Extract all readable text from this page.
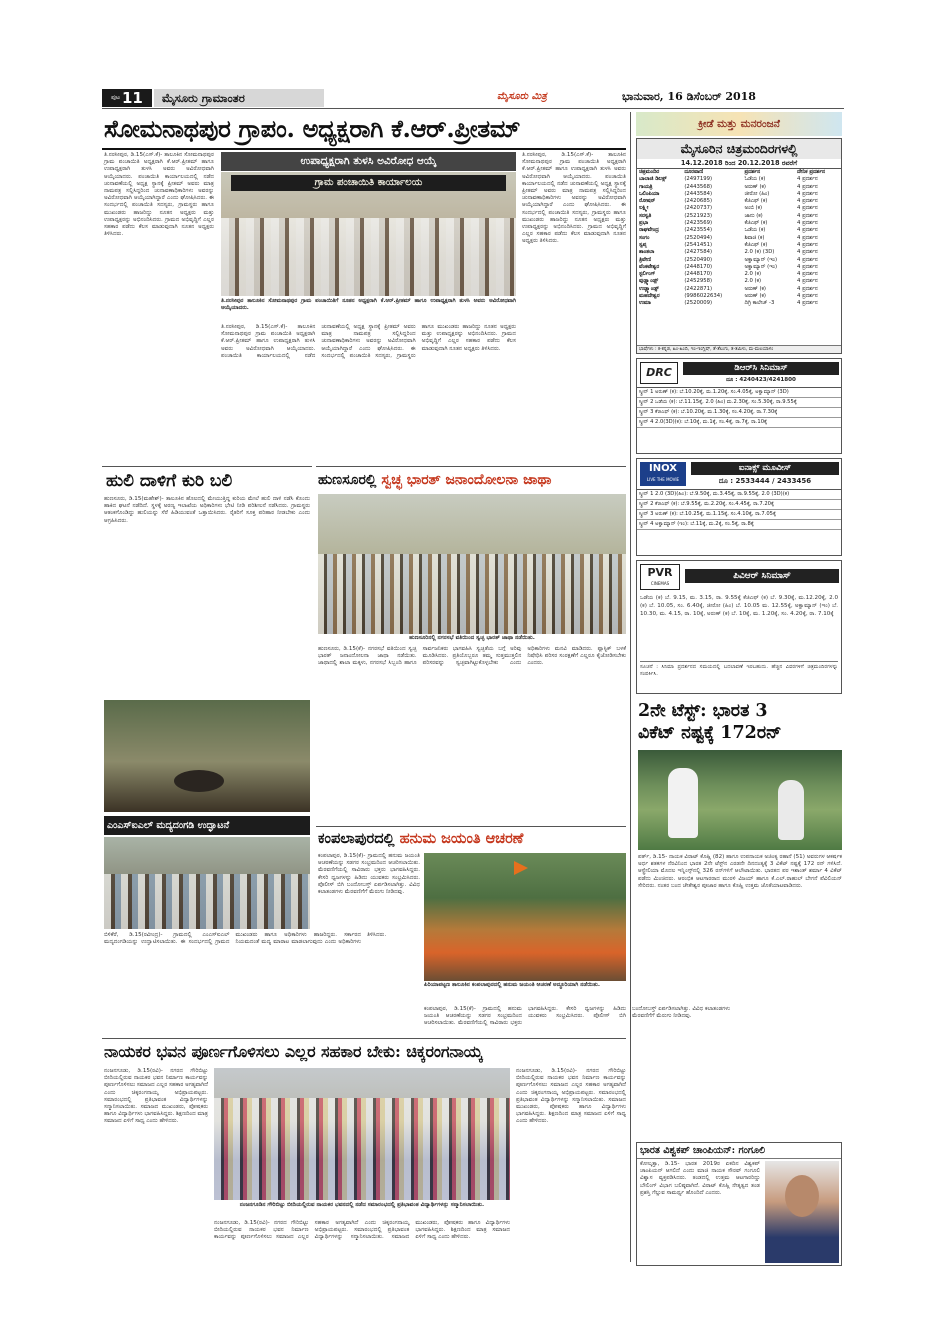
ಪುಟ 11	ಮೈಸೂರು ಗ್ರಾಮಾಂತರ	ಮೈಸೂರು ಮಿತ್ರ	ಭಾನುವಾರ, 16 ಡಿಸೆಂಬರ್ 2018
ಸೋಮನಾಥಪುರ ಗ್ರಾಪಂ. ಅಧ್ಯಕ್ಷರಾಗಿ ಕೆ.ಆರ್.ಪ್ರೀತಮ್
ತಿ.ನರಸೀಪುರ, ಡಿ.15(ಎಸ್.ಕೆ)- ತಾಲೂಕಿನ ಸೋಮನಾಥಪುರ ಗ್ರಾಮ ಪಂಚಾಯಿತಿ ಅಧ್ಯಕ್ಷರಾಗಿ ಕೆ.ಆರ್.ಪ್ರೀತಮ್ ಹಾಗೂ ಉಪಾಧ್ಯಕ್ಷರಾಗಿ ತುಳಸಿ ಅವರು ಅವಿರೋಧವಾಗಿ ಆಯ್ಕೆಯಾದರು. ಪಂಚಾಯಿತಿ ಕಾರ್ಯಾಲಯದಲ್ಲಿ ನಡೆದ ಚುನಾವಣೆಯಲ್ಲಿ ಅಧ್ಯಕ್ಷ ಸ್ಥಾನಕ್ಕೆ ಪ್ರೀತಮ್ ಅವರು ಮಾತ್ರ ನಾಮಪತ್ರ ಸಲ್ಲಿಸಿದ್ದರಿಂದ ಚುನಾವಣಾಧಿಕಾರಿಗಳು ಅವರನ್ನು ಅವಿರೋಧವಾಗಿ ಆಯ್ಕೆಯಾಗಿದ್ದಾರೆ ಎಂದು ಘೋಷಿಸಿದರು. ಈ ಸಂದರ್ಭದಲ್ಲಿ ಪಂಚಾಯಿತಿ ಸದಸ್ಯರು, ಗ್ರಾಮಸ್ಥರು ಹಾಗೂ ಮುಖಂಡರು ಹಾಜರಿದ್ದು ನೂತನ ಅಧ್ಯಕ್ಷರು ಮತ್ತು ಉಪಾಧ್ಯಕ್ಷರನ್ನು ಅಭಿನಂದಿಸಿದರು. ಗ್ರಾಮದ ಅಭಿವೃದ್ಧಿಗೆ ಎಲ್ಲರ ಸಹಕಾರ ಪಡೆದು ಕೆಲಸ ಮಾಡುವುದಾಗಿ ನೂತನ ಅಧ್ಯಕ್ಷರು ತಿಳಿಸಿದರು.
ಉಪಾಧ್ಯಕ್ಷರಾಗಿ ತುಳಸಿ ಅವಿರೋಧ ಆಯ್ಕೆ
ಗ್ರಾಮ ಪಂಚಾಯಿತಿ ಕಾರ್ಯಾಲಯ
ತಿ.ನರಸೀಪುರ ತಾಲೂಕಿನ ಸೋಮನಾಥಪುರ ಗ್ರಾಮ ಪಂಚಾಯಿತಿಗೆ ನೂತನ ಅಧ್ಯಕ್ಷರಾಗಿ ಕೆ.ಆರ್.ಪ್ರೀತಮ್ ಹಾಗೂ ಉಪಾಧ್ಯಕ್ಷರಾಗಿ ತುಳಸಿ ಅವರು ಅವಿರೋಧವಾಗಿ ಆಯ್ಕೆಯಾದರು.
ತಿ.ನರಸೀಪುರ, ಡಿ.15(ಎಸ್.ಕೆ)- ತಾಲೂಕಿನ ಸೋಮನಾಥಪುರ ಗ್ರಾಮ ಪಂಚಾಯಿತಿ ಅಧ್ಯಕ್ಷರಾಗಿ ಕೆ.ಆರ್.ಪ್ರೀತಮ್ ಹಾಗೂ ಉಪಾಧ್ಯಕ್ಷರಾಗಿ ತುಳಸಿ ಅವರು ಅವಿರೋಧವಾಗಿ ಆಯ್ಕೆಯಾದರು. ಪಂಚಾಯಿತಿ ಕಾರ್ಯಾಲಯದಲ್ಲಿ ನಡೆದ ಚುನಾವಣೆಯಲ್ಲಿ ಅಧ್ಯಕ್ಷ ಸ್ಥಾನಕ್ಕೆ ಪ್ರೀತಮ್ ಅವರು ಮಾತ್ರ ನಾಮಪತ್ರ ಸಲ್ಲಿಸಿದ್ದರಿಂದ ಚುನಾವಣಾಧಿಕಾರಿಗಳು ಅವರನ್ನು ಅವಿರೋಧವಾಗಿ ಆಯ್ಕೆಯಾಗಿದ್ದಾರೆ ಎಂದು ಘೋಷಿಸಿದರು. ಈ ಸಂದರ್ಭದಲ್ಲಿ ಪಂಚಾಯಿತಿ ಸದಸ್ಯರು, ಗ್ರಾಮಸ್ಥರು ಹಾಗೂ ಮುಖಂಡರು ಹಾಜರಿದ್ದು ನೂತನ ಅಧ್ಯಕ್ಷರು ಮತ್ತು ಉಪಾಧ್ಯಕ್ಷರನ್ನು ಅಭಿನಂದಿಸಿದರು. ಗ್ರಾಮದ ಅಭಿವೃದ್ಧಿಗೆ ಎಲ್ಲರ ಸಹಕಾರ ಪಡೆದು ಕೆಲಸ ಮಾಡುವುದಾಗಿ ನೂತನ ಅಧ್ಯಕ್ಷರು ತಿಳಿಸಿದರು.
ತಿ.ನರಸೀಪುರ, ಡಿ.15(ಎಸ್.ಕೆ)- ತಾಲೂಕಿನ ಸೋಮನಾಥಪುರ ಗ್ರಾಮ ಪಂಚಾಯಿತಿ ಅಧ್ಯಕ್ಷರಾಗಿ ಕೆ.ಆರ್.ಪ್ರೀತಮ್ ಹಾಗೂ ಉಪಾಧ್ಯಕ್ಷರಾಗಿ ತುಳಸಿ ಅವರು ಅವಿರೋಧವಾಗಿ ಆಯ್ಕೆಯಾದರು. ಪಂಚಾಯಿತಿ ಕಾರ್ಯಾಲಯದಲ್ಲಿ ನಡೆದ ಚುನಾವಣೆಯಲ್ಲಿ ಅಧ್ಯಕ್ಷ ಸ್ಥಾನಕ್ಕೆ ಪ್ರೀತಮ್ ಅವರು ಮಾತ್ರ ನಾಮಪತ್ರ ಸಲ್ಲಿಸಿದ್ದರಿಂದ ಚುನಾವಣಾಧಿಕಾರಿಗಳು ಅವರನ್ನು ಅವಿರೋಧವಾಗಿ ಆಯ್ಕೆಯಾಗಿದ್ದಾರೆ ಎಂದು ಘೋಷಿಸಿದರು. ಈ ಸಂದರ್ಭದಲ್ಲಿ ಪಂಚಾಯಿತಿ ಸದಸ್ಯರು, ಗ್ರಾಮಸ್ಥರು ಹಾಗೂ ಮುಖಂಡರು ಹಾಜರಿದ್ದು ನೂತನ ಅಧ್ಯಕ್ಷರು ಮತ್ತು ಉಪಾಧ್ಯಕ್ಷರನ್ನು ಅಭಿನಂದಿಸಿದರು. ಗ್ರಾಮದ ಅಭಿವೃದ್ಧಿಗೆ ಎಲ್ಲರ ಸಹಕಾರ ಪಡೆದು ಕೆಲಸ ಮಾಡುವುದಾಗಿ ನೂತನ ಅಧ್ಯಕ್ಷರು ತಿಳಿಸಿದರು.
ಹುಲಿ ದಾಳಿಗೆ ಕುರಿ ಬಲಿ
ಹುಣಸೂರು, ಡಿ.15(ಮಹೇಶ್)- ತಾಲೂಕಿನ ಹೊಲದಲ್ಲಿ ಮೇಯುತ್ತಿದ್ದ ಕುರಿಯ ಮೇಲೆ ಹುಲಿ ದಾಳಿ ನಡೆಸಿ ಕೊಂದು ಹಾಕಿದ ಘಟನೆ ನಡೆದಿದೆ. ಸ್ಥಳಕ್ಕೆ ಅರಣ್ಯ ಇಲಾಖೆಯ ಅಧಿಕಾರಿಗಳು ಭೇಟಿ ನೀಡಿ ಪರಿಶೀಲನೆ ನಡೆಸಿದರು. ಗ್ರಾಮಸ್ಥರು ಆತಂಕಗೊಂಡಿದ್ದು ಹುಲಿಯನ್ನು ಸೆರೆ ಹಿಡಿಯುವಂತೆ ಒತ್ತಾಯಿಸಿದರು. ರೈತರಿಗೆ ಸೂಕ್ತ ಪರಿಹಾರ ನೀಡಬೇಕು ಎಂದು ಆಗ್ರಹಿಸಿದರು.
ಎಂಎಸ್ಐಎಲ್ ಮದ್ಯದಂಗಡಿ ಉದ್ಘಾಟನೆ
ಬಿಳಿಕೆರೆ, ಡಿ.15(ರವೀಂದ್ರ)- ಗ್ರಾಮದಲ್ಲಿ ಎಂಎಸ್ಐಎಲ್ ಮದ್ಯದಂಗಡಿಯನ್ನು ಉದ್ಘಾಟಿಸಲಾಯಿತು. ಈ ಸಂದರ್ಭದಲ್ಲಿ ಗ್ರಾಮದ ಮುಖಂಡರು ಹಾಗೂ ಅಧಿಕಾರಿಗಳು ಹಾಜರಿದ್ದರು. ಸರ್ಕಾರದ ನಿಯಮದಂತೆ ಮದ್ಯ ಮಾರಾಟ ಮಾಡಲಾಗುವುದು ಎಂದು ಅಧಿಕಾರಿಗಳು ತಿಳಿಸಿದರು.
ಹುಣಸೂರಲ್ಲಿ ಸ್ವಚ್ಛ ಭಾರತ್ ಜನಾಂದೋಲನಾ ಜಾಥಾ
ಹುಣಸೂರಿನಲ್ಲಿ ನಗರಸಭೆ ವತಿಯಿಂದ ಸ್ವಚ್ಛ ಭಾರತ್ ಜಾಥಾ ನಡೆಯಿತು.
ಹುಣಸೂರು, ಡಿ.15(ಕೆ)- ನಗರಸಭೆ ವತಿಯಿಂದ ಸ್ವಚ್ಛ ಭಾರತ್ ಜನಾಂದೋಲನಾ ಜಾಥಾ ನಡೆಯಿತು. ಜಾಥಾದಲ್ಲಿ ಶಾಲಾ ಮಕ್ಕಳು, ನಗರಸಭೆ ಸಿಬ್ಬಂದಿ ಹಾಗೂ ಸಾರ್ವಜನಿಕರು ಭಾಗವಹಿಸಿ ಸ್ವಚ್ಛತೆಯ ಬಗ್ಗೆ ಅರಿವು ಮೂಡಿಸಿದರು. ಪ್ರತಿಯೊಬ್ಬರೂ ತಮ್ಮ ಸುತ್ತಮುತ್ತಲಿನ ಪರಿಸರವನ್ನು ಸ್ವಚ್ಛವಾಗಿಟ್ಟುಕೊಳ್ಳಬೇಕು ಎಂದು ಅಧಿಕಾರಿಗಳು ಮನವಿ ಮಾಡಿದರು. ಪ್ಲಾಸ್ಟಿಕ್ ಬಳಕೆ ನಿಷೇಧಿಸಿ ಪರಿಸರ ಸಂರಕ್ಷಣೆಗೆ ಎಲ್ಲರೂ ಕೈಜೋಡಿಸಬೇಕು ಎಂದರು.
ಕಂಪಲಾಪುರದಲ್ಲಿ ಹನುಮ ಜಯಂತಿ ಆಚರಣೆ
ಕಂಪಲಾಪುರ, ಡಿ.15(ಕೆ)- ಗ್ರಾಮದಲ್ಲಿ ಹನುಮ ಜಯಂತಿ ಆಚರಣೆಯನ್ನು ಸಡಗರ ಸಂಭ್ರಮದಿಂದ ಆಚರಿಸಲಾಯಿತು. ಮೆರವಣಿಗೆಯಲ್ಲಿ ಸಾವಿರಾರು ಭಕ್ತರು ಭಾಗವಹಿಸಿದ್ದರು. ಕೇಸರಿ ಧ್ವಜಗಳನ್ನು ಹಿಡಿದು ಯುವಕರು ಸಂಭ್ರಮಿಸಿದರು. ಪೊಲೀಸ್ ಬಿಗಿ ಬಂದೋಬಸ್ತ್ ಏರ್ಪಡಿಸಲಾಗಿತ್ತು. ವಿವಿಧ ಕಲಾತಂಡಗಳು ಮೆರವಣಿಗೆಗೆ ಮೆರುಗು ನೀಡಿದವು.
ಪಿರಿಯಾಪಟ್ಟಣ ತಾಲೂಕಿನ ಕಂಪಲಾಪುರದಲ್ಲಿ ಹನುಮ ಜಯಂತಿ ಆಚರಣೆ ಅದ್ಧೂರಿಯಾಗಿ ನಡೆಯಿತು.
ಕಂಪಲಾಪುರ, ಡಿ.15(ಕೆ)- ಗ್ರಾಮದಲ್ಲಿ ಹನುಮ ಜಯಂತಿ ಆಚರಣೆಯನ್ನು ಸಡಗರ ಸಂಭ್ರಮದಿಂದ ಆಚರಿಸಲಾಯಿತು. ಮೆರವಣಿಗೆಯಲ್ಲಿ ಸಾವಿರಾರು ಭಕ್ತರು ಭಾಗವಹಿಸಿದ್ದರು. ಕೇಸರಿ ಧ್ವಜಗಳನ್ನು ಹಿಡಿದು ಯುವಕರು ಸಂಭ್ರಮಿಸಿದರು. ಪೊಲೀಸ್ ಬಿಗಿ ಬಂದೋಬಸ್ತ್ ಏರ್ಪಡಿಸಲಾಗಿತ್ತು. ವಿವಿಧ ಕಲಾತಂಡಗಳು ಮೆರವಣಿಗೆಗೆ ಮೆರುಗು ನೀಡಿದವು.
ನಾಯಕರ ಭವನ ಪೂರ್ಣಗೊಳಿಸಲು ಎಲ್ಲರ ಸಹಕಾರ ಬೇಕು: ಚಿಕ್ಕರಂಗನಾಯ್ಕ
ನಂಜನಗೂಡು, ಡಿ.15(ರವಿ)- ನಗರದ ಗೌರಿಬಿಟ್ಟು ಬೀದಿಯಲ್ಲಿರುವ ನಾಯಕರ ಭವನ ನಿರ್ಮಾಣ ಕಾರ್ಯವನ್ನು ಪೂರ್ಣಗೊಳಿಸಲು ಸಮಾಜದ ಎಲ್ಲರ ಸಹಕಾರ ಅಗತ್ಯವಾಗಿದೆ ಎಂದು ಚಿಕ್ಕರಂಗನಾಯ್ಕ ಅಭಿಪ್ರಾಯಪಟ್ಟರು. ಸಮಾರಂಭದಲ್ಲಿ ಪ್ರತಿಭಾವಂತ ವಿದ್ಯಾರ್ಥಿಗಳನ್ನು ಸನ್ಮಾನಿಸಲಾಯಿತು. ಸಮಾಜದ ಮುಖಂಡರು, ಪೋಷಕರು ಹಾಗೂ ವಿದ್ಯಾರ್ಥಿಗಳು ಭಾಗವಹಿಸಿದ್ದರು. ಶಿಕ್ಷಣದಿಂದ ಮಾತ್ರ ಸಮಾಜದ ಏಳಿಗೆ ಸಾಧ್ಯ ಎಂದು ಹೇಳಿದರು.
ನಂಜನಗೂಡಿನ ಗೌರಿಬಿಟ್ಟು ಬೀದಿಯಲ್ಲಿರುವ ನಾಯಕರ ಭವನದಲ್ಲಿ ನಡೆದ ಸಮಾರಂಭದಲ್ಲಿ ಪ್ರತಿಭಾವಂತ ವಿದ್ಯಾರ್ಥಿಗಳನ್ನು ಸನ್ಮಾನಿಸಲಾಯಿತು.
ನಂಜನಗೂಡು, ಡಿ.15(ರವಿ)- ನಗರದ ಗೌರಿಬಿಟ್ಟು ಬೀದಿಯಲ್ಲಿರುವ ನಾಯಕರ ಭವನ ನಿರ್ಮಾಣ ಕಾರ್ಯವನ್ನು ಪೂರ್ಣಗೊಳಿಸಲು ಸಮಾಜದ ಎಲ್ಲರ ಸಹಕಾರ ಅಗತ್ಯವಾಗಿದೆ ಎಂದು ಚಿಕ್ಕರಂಗನಾಯ್ಕ ಅಭಿಪ್ರಾಯಪಟ್ಟರು. ಸಮಾರಂಭದಲ್ಲಿ ಪ್ರತಿಭಾವಂತ ವಿದ್ಯಾರ್ಥಿಗಳನ್ನು ಸನ್ಮಾನಿಸಲಾಯಿತು. ಸಮಾಜದ ಮುಖಂಡರು, ಪೋಷಕರು ಹಾಗೂ ವಿದ್ಯಾರ್ಥಿಗಳು ಭಾಗವಹಿಸಿದ್ದರು. ಶಿಕ್ಷಣದಿಂದ ಮಾತ್ರ ಸಮಾಜದ ಏಳಿಗೆ ಸಾಧ್ಯ ಎಂದು ಹೇಳಿದರು.
ನಂಜನಗೂಡು, ಡಿ.15(ರವಿ)- ನಗರದ ಗೌರಿಬಿಟ್ಟು ಬೀದಿಯಲ್ಲಿರುವ ನಾಯಕರ ಭವನ ನಿರ್ಮಾಣ ಕಾರ್ಯವನ್ನು ಪೂರ್ಣಗೊಳಿಸಲು ಸಮಾಜದ ಎಲ್ಲರ ಸಹಕಾರ ಅಗತ್ಯವಾಗಿದೆ ಎಂದು ಚಿಕ್ಕರಂಗನಾಯ್ಕ ಅಭಿಪ್ರಾಯಪಟ್ಟರು. ಸಮಾರಂಭದಲ್ಲಿ ಪ್ರತಿಭಾವಂತ ವಿದ್ಯಾರ್ಥಿಗಳನ್ನು ಸನ್ಮಾನಿಸಲಾಯಿತು. ಸಮಾಜದ ಮುಖಂಡರು, ಪೋಷಕರು ಹಾಗೂ ವಿದ್ಯಾರ್ಥಿಗಳು ಭಾಗವಹಿಸಿದ್ದರು. ಶಿಕ್ಷಣದಿಂದ ಮಾತ್ರ ಸಮಾಜದ ಏಳಿಗೆ ಸಾಧ್ಯ ಎಂದು ಹೇಳಿದರು.
ಕ್ರೀಡೆ ಮತ್ತು ಮನರಂಜನೆ
ಮೈಸೂರಿನ ಚಿತ್ರಮಂದಿರಗಳಲ್ಲಿ
14.12.2018 ರಿಂದ 20.12.2018 ರವರೆಗೆ
ಚಿತ್ರಮಂದಿರ	ದೂರವಾಣಿ	ಪ್ರದರ್ಶನ	ದೇನಿಕ ಪ್ರದರ್ಶನ
ಬಾಲಾಜಿ ಡಿಲಕ್ಸ್	(2497199)	ಓಡೆಯ (ಕ)	4 ಪ್ರದರ್ಶನ
ಗಾಯತ್ರಿ	(2443568)	ಅರುಣ್ (ಕ)	4 ಪ್ರದರ್ಶನ
ಒಲಿಂಪಿಯಾ	(2443584)	ಜೀರೋ (ಹಿಂ)	4 ಪ್ರದರ್ಶನ
ರೋಷನ್	(2420685)	ಕೆಜಿಎಫ್ (ಕ)	4 ಪ್ರದರ್ಶನ
ಲಕ್ಷ್ಮೀ	(2420737)	ಅಂಬಿ (ಕ)	4 ಪ್ರದರ್ಶನ
ಸರಸ್ವತಿ	(2521923)	ಜಾನು (ಕ)	4 ಪ್ರದರ್ಶನ
ಪ್ರಭಾ	(2423569)	ಕೆಜಿಎಫ್ (ಕ)	4 ಪ್ರದರ್ಶನ
ರಾಘವೇಂದ್ರ	(2423554)	ಒಡೆಯ (ಕ)	4 ಪ್ರದರ್ಶನ
ಸಂಗಂ	(2520494)	ಶಿವಾಜಿ (ಕ)	4 ಪ್ರದರ್ಶನ
ಸ್ವಪ್ನ	(2541451)	ಕೆಜಿಎಫ್ (ಕ)	4 ಪ್ರದರ್ಶನ
ಶಾಂತಲಾ	(2427584)	2.0 (ಕ) (3D)	4 ಪ್ರದರ್ಶನ
ತ್ರಿವೇಣಿ	(2520490)	ಅಕ್ವಾಮ್ಯಾನ್ (ಇಂ)	4 ಪ್ರದರ್ಶನ
ವೆಂಕಟೇಶ್ವರ	(2448170)	ಅಕ್ವಾಮ್ಯಾನ್ (ಇಂ)	4 ಪ್ರದರ್ಶನ
ಸ್ಟರ್ಲಿಂಗ್	(2448170)	2.0 (ಕ)	4 ಪ್ರದರ್ಶನ
ವುಡ್ಲ್ಯಾಂಡ್ಸ್	(2452958)	2.0 (ಕ)	4 ಪ್ರದರ್ಶನ
ಉಡ್ಲ್ಯಾಂಡ್ಸ್	(2422871)	ಅರುಣ್ (ಕ)	4 ಪ್ರದರ್ಶನ
ಮಹದೇಶ್ವರ	(9986022634)	ಅರುಣ್ (ಕ)	4 ಪ್ರದರ್ಶನ
ಉಮಾ	(2520009)	ದಿಗ್ರಿ ಕಾಲೇಜ್ -3	4 ಪ್ರದರ್ಶನ
ಭಾಷೆಗಳು : ಕ-ಕನ್ನಡ, ಹಿಂ-ಹಿಂದಿ, ಇಂ-ಇಂಗ್ಲಿಷ್, ತೆ-ತೆಲುಗು, ತ-ತಮಿಳು, ಮ-ಮಲಯಾಳಂ
DRC	ಡಿಆರ್‌ಸಿ ಸಿನಿಮಾಸ್
ದೂ : 4240423/4241800
ಸ್ಕ್ರೀನ್ 1 ಅರುಣ್ (ಕ): ಬೆ.10.20ಕ್ಕೆ, ಮ.1.20ಕ್ಕೆ, ಸಂ.4.05ಕ್ಕೆ, ಅಕ್ವಾಮ್ಯಾನ್ (3D)
ಸ್ಕ್ರೀನ್ 2 ಒಡೆಯ (ಕ): ಬೆ.11.15ಕ್ಕೆ, 2.0 (ಹಿಂ) ಮ.2.30ಕ್ಕೆ, ಸಂ.5.30ಕ್ಕೆ, ರಾ.9.55ಕ್ಕೆ
ಸ್ಕ್ರೀನ್ 3 ಕೆಜಿಎಫ್ (ಕ): ಬೆ.10.20ಕ್ಕೆ, ಮ.1.30ಕ್ಕೆ, ಸಂ.4.20ಕ್ಕೆ, ರಾ.7.30ಕ್ಕೆ
ಸ್ಕ್ರೀನ್ 4 2.0(3D)(ಕ): ಬೆ.10ಕ್ಕೆ, ಮ.1ಕ್ಕೆ, ಸಂ.4ಕ್ಕೆ, ರಾ.7ಕ್ಕೆ, ರಾ.10ಕ್ಕೆ
INOX
LIVE THE MOVIE
ಐನಾಕ್ಸ್ ಮೂವೀಸ್
ದೂ : 2533444 / 2433456
ಸ್ಕ್ರೀನ್ 1 2.0 (3D)(ಹಿಂ): ಬೆ.9.50ಕ್ಕೆ, ಮ.3.45ಕ್ಕೆ, ರಾ.9.55ಕ್ಕೆ, 2.0 (3D)(ಕ)
ಸ್ಕ್ರೀನ್ 2 ಕೆಜಿಎಫ್ (ಕ): ಬೆ.9.55ಕ್ಕೆ, ಮ.2.20ಕ್ಕೆ, ಸಂ.4.45ಕ್ಕೆ, ರಾ.7.20ಕ್ಕೆ
ಸ್ಕ್ರೀನ್ 3 ಅರುಣ್ (ಕ): ಬೆ.10.25ಕ್ಕೆ, ಮ.1.15ಕ್ಕೆ, ಸಂ.4.10ಕ್ಕೆ, ರಾ.7.05ಕ್ಕೆ
ಸ್ಕ್ರೀನ್ 4 ಅಕ್ವಾಮ್ಯಾನ್ (ಇಂ): ಬೆ.11ಕ್ಕೆ, ಮ.2ಕ್ಕೆ, ಸಂ.5ಕ್ಕೆ, ರಾ.8ಕ್ಕೆ
PVR
CINEMAS
ಪಿವಿಆರ್ ಸಿನಿಮಾಸ್
ಒಡೆಯ (ಕ) ಬೆ. 9.15, ಮ. 3.15, ರಾ. 9.55ಕ್ಕೆ ಕೆಜಿಎಫ್ (ಕ) ಬೆ. 9.30ಕ್ಕೆ, ಮ.12.20ಕ್ಕೆ, 2.0 (ಕ) ಬೆ. 10.05, ಸಂ. 6.40ಕ್ಕೆ, ಜೀರೋ (ಹಿಂ) ಬೆ. 10.05 ಮ. 12.55ಕ್ಕೆ, ಅಕ್ವಾಮ್ಯಾನ್ (ಇಂ) ಬೆ. 10.30, ಮ. 4.15, ರಾ. 10ಕ್ಕೆ, ಅರುಣ್ (ಕ) ಬೆ. 10ಕ್ಕೆ, ಮ. 1.20ಕ್ಕೆ, ಸಂ. 4.20ಕ್ಕೆ, ರಾ. 7.10ಕ್ಕೆ
ಸೂಚನೆ : ಸಿನಿಮಾ ಪ್ರದರ್ಶನದ ಸಮಯದಲ್ಲಿ ಬದಲಾವಣೆ ಇರಬಹುದು. ಹೆಚ್ಚಿನ ವಿವರಗಳಿಗೆ ಚಿತ್ರಮಂದಿರಗಳನ್ನು ಸಂಪರ್ಕಿಸಿ.
2ನೇ ಟೆಸ್ಟ್: ಭಾರತ 3
ವಿಕೆಟ್ ನಷ್ಟಕ್ಕೆ 172ರನ್
ಪರ್ತ್, ಡಿ.15- ನಾಯಕ ವಿರಾಟ್ ಕೊಹ್ಲಿ (82) ಹಾಗೂ ಉಪನಾಯಕ ಅಜಿಂಕ್ಯ ರಹಾನೆ (51) ಅವರುಗಳ ಆಕರ್ಷಕ ಅರ್ಧ ಶತಕಗಳ ನೆರವಿನಿಂದ ಭಾರತ 2ನೇ ಟೆಸ್ಟ್‌ನ ಎರಡನೇ ದಿನದಂತ್ಯಕ್ಕೆ 3 ವಿಕೆಟ್ ನಷ್ಟಕ್ಕೆ 172 ರನ್ ಗಳಿಸಿದೆ. ಆಸ್ಟ್ರೇಲಿಯಾ ಮೊದಲ ಇನ್ನಿಂಗ್ಸ್‌ನಲ್ಲಿ 326 ರನ್‌ಗಳಿಗೆ ಆಲೌಟಾಯಿತು. ಭಾರತದ ಪರ ಇಶಾಂತ್ ಶರ್ಮಾ 4 ವಿಕೆಟ್ ಪಡೆದು ಮಿಂಚಿದರು. ಆರಂಭಿಕ ಆಟಗಾರರಾದ ಮುರಳಿ ವಿಜಯ್ ಹಾಗೂ ಕೆ.ಎಲ್.ರಾಹುಲ್ ಬೇಗನೆ ಪೆವಿಲಿಯನ್ ಸೇರಿದರು. ನಂತರ ಬಂದ ಚೇತೇಶ್ವರ ಪೂಜಾರ ಹಾಗೂ ಕೊಹ್ಲಿ ಉತ್ತಮ ಜೊತೆಯಾಟವಾಡಿದರು.
ಭಾರತ ವಿಶ್ವಕಪ್ ಚಾಂಪಿಯನ್: ಗಂಗೂಲಿ
ಕೋಲ್ಕತ್ತಾ, ಡಿ.15- ಭಾರತ 2019ರ ಏಕದಿನ ವಿಶ್ವಕಪ್ ಚಾಂಪಿಯನ್ ಆಗಲಿದೆ ಎಂದು ಮಾಜಿ ನಾಯಕ ಸೌರವ್ ಗಂಗೂಲಿ ವಿಶ್ವಾಸ ವ್ಯಕ್ತಪಡಿಸಿದರು. ತಂಡದಲ್ಲಿ ಉತ್ತಮ ಆಟಗಾರರಿದ್ದು ಬೌಲಿಂಗ್ ವಿಭಾಗ ಬಲಿಷ್ಠವಾಗಿದೆ. ವಿರಾಟ್ ಕೊಹ್ಲಿ ನೇತೃತ್ವದ ತಂಡ ಪ್ರಶಸ್ತಿ ಗೆಲ್ಲುವ ಸಾಮರ್ಥ್ಯ ಹೊಂದಿದೆ ಎಂದರು.
